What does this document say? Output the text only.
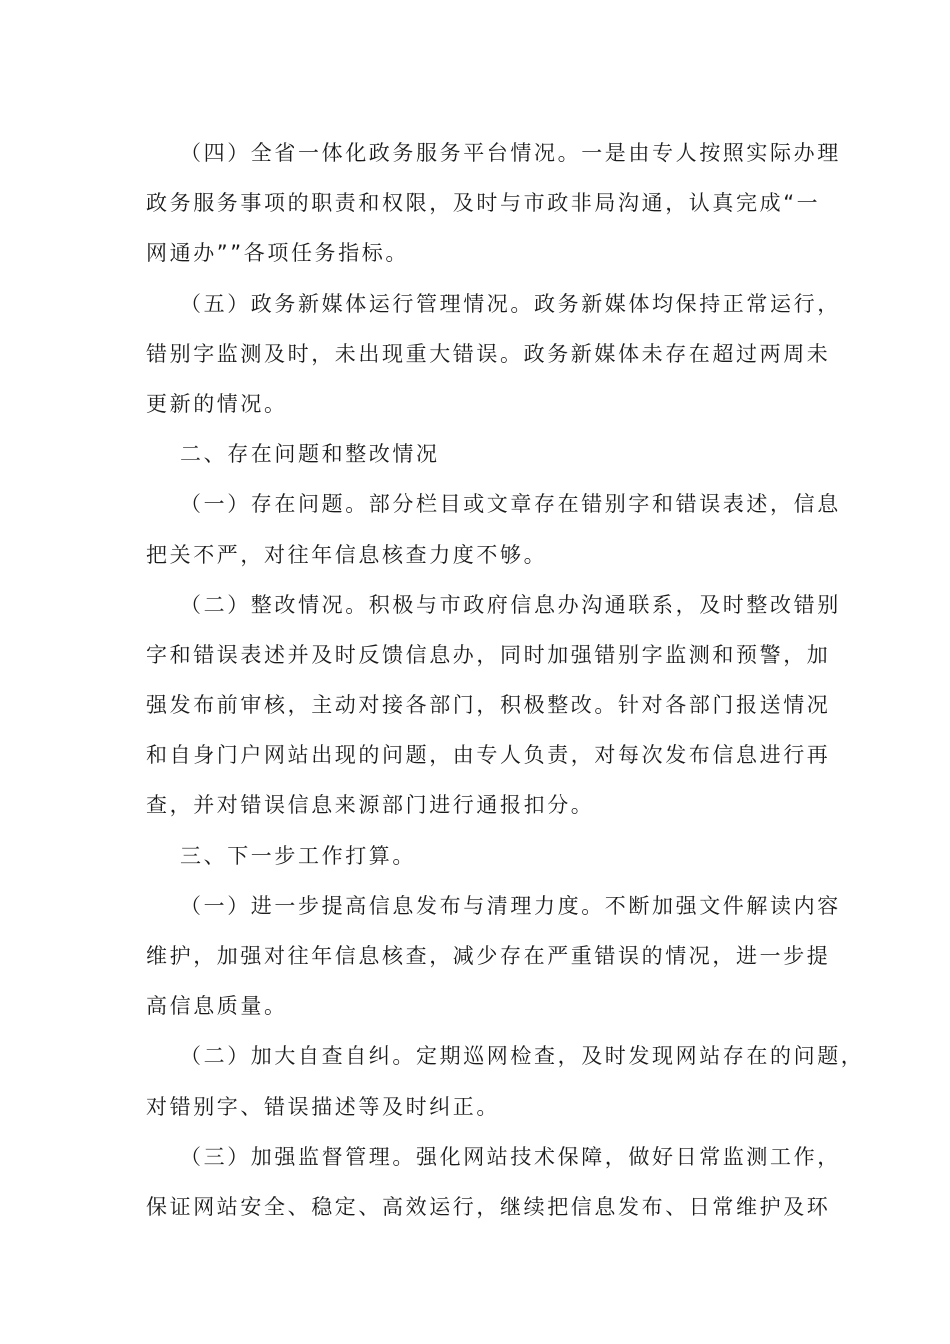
（四）全省一体化政务服务平台情况。一是由专人按照实际办理
政务服务事项的职责和权限，及时与市政非局沟通，认真完成“一
网通办””各项任务指标。
（五）政务新媒体运行管理情况。政务新媒体均保持正常运行，
错别字监测及时，未出现重大错误。政务新媒体未存在超过两周未
更新的情况。
二、存在问题和整改情况
（一）存在问题。部分栏目或文章存在错别字和错误表述，信息
把关不严，对往年信息核查力度不够。
（二）整改情况。积极与市政府信息办沟通联系，及时整改错别
字和错误表述并及时反馈信息办，同时加强错别字监测和预警，加
强发布前审核，主动对接各部门，积极整改。针对各部门报送情况
和自身门户网站出现的问题，由专人负责，对每次发布信息进行再
查，并对错误信息来源部门进行通报扣分。
三、下一步工作打算。
（一）进一步提高信息发布与清理力度。不断加强文件解读内容
维护，加强对往年信息核查，减少存在严重错误的情况，进一步提
高信息质量。
（二）加大自查自纠。定期巡网检查，及时发现网站存在的问题，
对错别字、错误描述等及时纠正。
（三）加强监督管理。强化网站技术保障，做好日常监测工作，
保证网站安全、稳定、高效运行，继续把信息发布、日常维护及环
